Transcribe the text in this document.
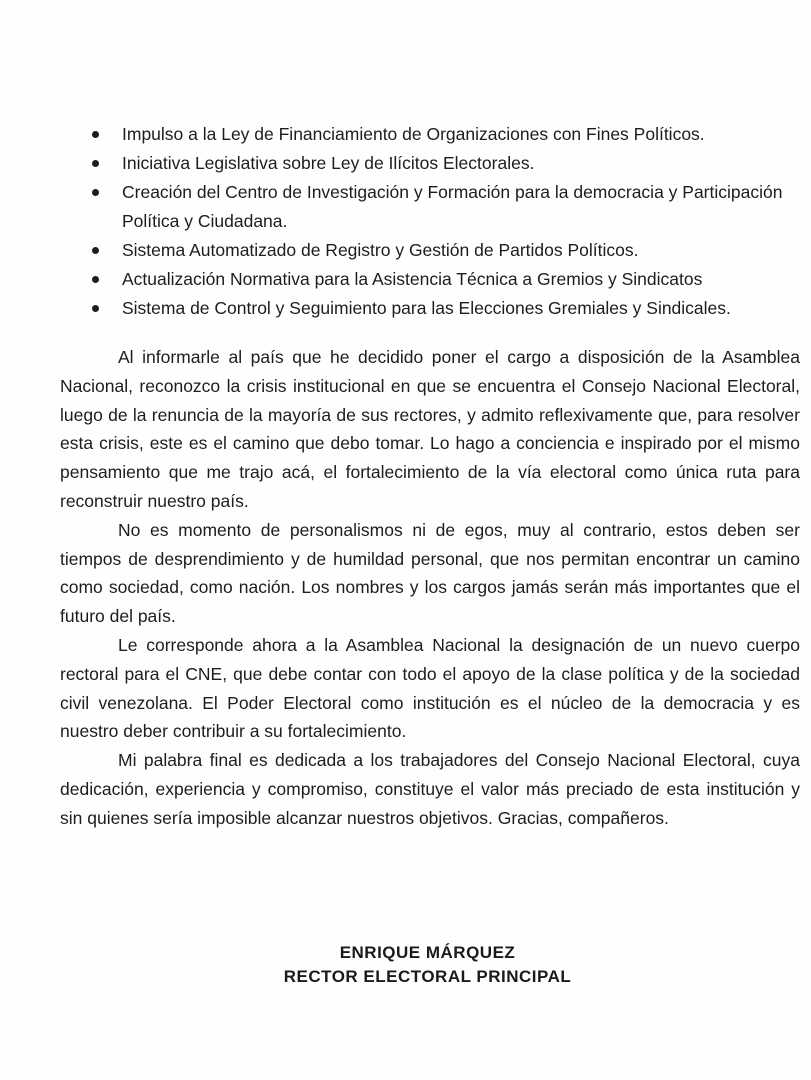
Impulso a la Ley de Financiamiento de Organizaciones con Fines Políticos.
Iniciativa Legislativa sobre Ley de Ilícitos Electorales.
Creación del Centro de Investigación y Formación para la democracia y Participación Política y Ciudadana.
Sistema Automatizado de Registro y Gestión de Partidos Políticos.
Actualización Normativa para la Asistencia Técnica a Gremios y Sindicatos
Sistema de Control y Seguimiento para las Elecciones Gremiales y Sindicales.

Al informarle al país que he decidido poner el cargo a disposición de la Asamblea Nacional, reconozco la crisis institucional en que se encuentra el Consejo Nacional Electoral, luego de la renuncia de la mayoría de sus rectores, y admito reflexivamente que, para resolver esta crisis, este es el camino que debo tomar. Lo hago a conciencia e inspirado por el mismo pensamiento que me trajo acá, el fortalecimiento de la vía electoral como única ruta para reconstruir nuestro país.

No es momento de personalismos ni de egos, muy al contrario, estos deben ser tiempos de desprendimiento y de humildad personal, que nos permitan encontrar un camino como sociedad, como nación. Los nombres y los cargos jamás serán más importantes que el futuro del país.

Le corresponde ahora a la Asamblea Nacional la designación de un nuevo cuerpo rectoral para el CNE, que debe contar con todo el apoyo de la clase política y de la sociedad civil venezolana. El Poder Electoral como institución es el núcleo de la democracia y es nuestro deber contribuir a su fortalecimiento.

Mi palabra final es dedicada a los trabajadores del Consejo Nacional Electoral, cuya dedicación, experiencia y compromiso, constituye el valor más preciado de esta institución y sin quienes sería imposible alcanzar nuestros objetivos. Gracias, compañeros.

ENRIQUE MÁRQUEZ
RECTOR ELECTORAL PRINCIPAL
